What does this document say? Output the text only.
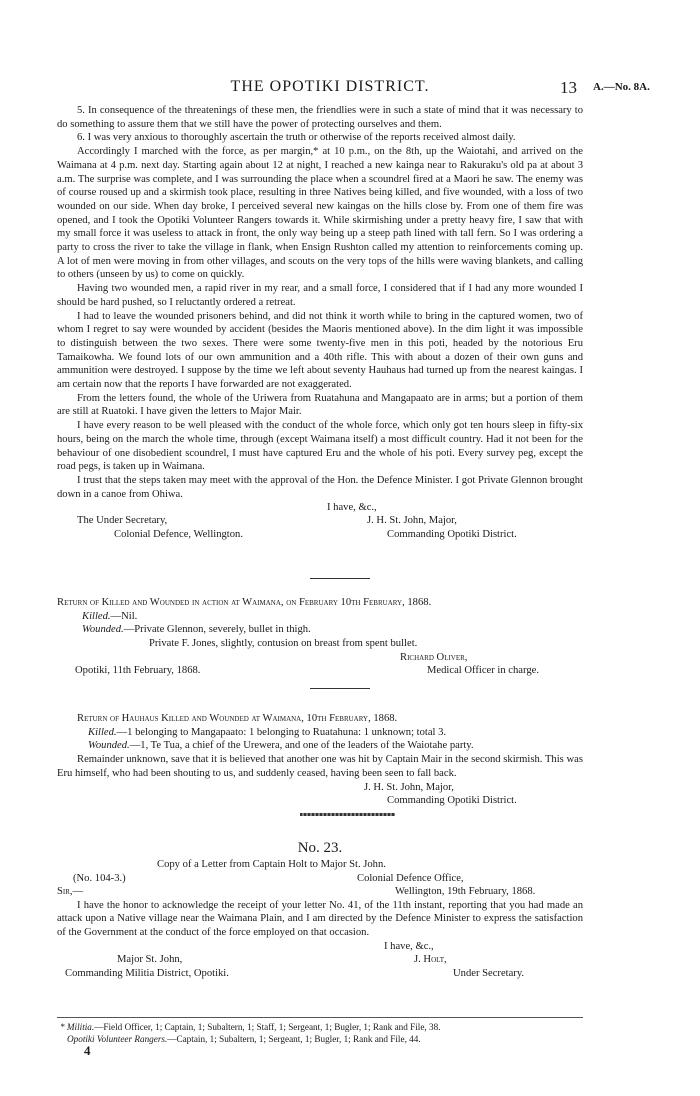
THE OPOTIKI DISTRICT.	13 A.—No. 8A.

5. In consequence of the threatenings of these men, the friendlies were in such a state of mind that it was necessary to do something to assure them that we still have the power of protecting ourselves and them.

6. I was very anxious to thoroughly ascertain the truth or otherwise of the reports received almost daily.

Accordingly I marched with the force, as per margin,* at 10 p.m., on the 8th, up the Waiotahi, and arrived on the Waimana at 4 p.m. next day. Starting again about 12 at night, I reached a new kainga near to Rakuraku's old pa at about 3 a.m. The surprise was complete, and I was surrounding the place when a scoundrel fired at a Maori he saw. The enemy was of course roused up and a skirmish took place, resulting in three Natives being killed, and five wounded, with a loss of two wounded on our side. When day broke, I perceived several new kaingas on the hills close by. From one of them fire was opened, and I took the Opotiki Volunteer Rangers towards it. While skirmishing under a pretty heavy fire, I saw that with my small force it was useless to attack in front, the only way being up a steep path lined with tall fern. So I was ordering a party to cross the river to take the village in flank, when Ensign Rushton called my attention to reinforcements coming up. A lot of men were moving in from other villages, and scouts on the very tops of the hills were waving blankets, and calling to others (unseen by us) to come on quickly.

Having two wounded men, a rapid river in my rear, and a small force, I considered that if I had any more wounded I should be hard pushed, so I reluctantly ordered a retreat.

I had to leave the wounded prisoners behind, and did not think it worth while to bring in the captured women, two of whom I regret to say were wounded by accident (besides the Maoris mentioned above). In the dim light it was impossible to distinguish between the two sexes. There were some twenty-five men in this poti, headed by the notorious Eru Tamaikowha. We found lots of our own ammunition and a 40th rifle. This with about a dozen of their own guns and ammunition were destroyed. I suppose by the time we left about seventy Hauhaus had turned up from the nearest kaingas. I am certain now that the reports I have forwarded are not exaggerated.

From the letters found, the whole of the Uriwera from Ruatahuna and Mangapaato are in arms; but a portion of them are still at Ruatoki. I have given the letters to Major Mair.

I have every reason to be well pleased with the conduct of the whole force, which only got ten hours sleep in fifty-six hours, being on the march the whole time, through (except Waimana itself) a most difficult country. Had it not been for the behaviour of one disobedient scoundrel, I must have captured Eru and the whole of his poti. Every survey peg, except the road pegs, is taken up in Waimana.

I trust that the steps taken may meet with the approval of the Hon. the Defence Minister. I got Private Glennon brought down in a canoe from Ohiwa.

I have, &c.,
The Under Secretary,	J. H. St. John, Major,
Colonial Defence, Wellington.	Commanding Opotiki District.
Return of Killed and Wounded in action at Waimana, on February 10th February, 1868.
Killed.—Nil.
Wounded.—Private Glennon, severely, bullet in thigh.
Private F. Jones, slightly, contusion on breast from spent bullet.
Richard Oliver,
Opotiki, 11th February, 1868.	Medical Officer in charge.
Return of Hauhaus Killed and Wounded at Waimana, 10th February, 1868.
Killed.—1 belonging to Mangapaato: 1 belonging to Ruatahuna: 1 unknown; total 3.
Wounded.—1, Te Tua, a chief of the Urewera, and one of the leaders of the Waiotahe party.

Remainder unknown, save that it is believed that another one was hit by Captain Mair in the second skirmish. This was Eru himself, who had been shouting to us, and suddenly ceased, having been seen to fall back.

J. H. St. John, Major,
Commanding Opotiki District.
No. 23.
Copy of a Letter from Captain Holt to Major St. John.
(No. 104-3.)	Colonial Defence Office,
Sir,—	Wellington, 19th February, 1868.

I have the honor to acknowledge the receipt of your letter No. 41, of the 11th instant, reporting that you had made an attack upon a Native village near the Waimana Plain, and I am directed by the Defence Minister to express the satisfaction of the Government at the conduct of the force employed on that occasion.

I have, &c.,
Major St. John,	J. Holt,
Commanding Militia District, Opotiki.	Under Secretary.
* Militia.—Field Officer, 1; Captain, 1; Subaltern, 1; Staff, 1; Sergeant, 1; Bugler, 1; Rank and File, 38.
Opotiki Volunteer Rangers.—Captain, 1; Subaltern, 1; Sergeant, 1; Bugler, 1; Rank and File, 44.
4
